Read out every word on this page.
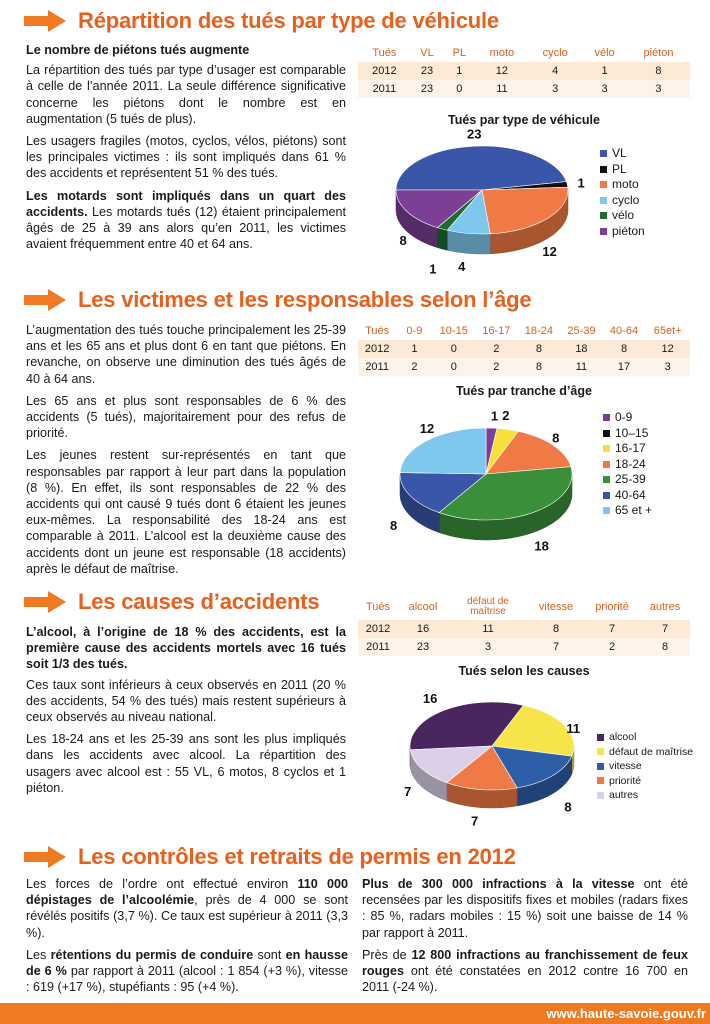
Répartition des tués par type de véhicule

Le nombre de piétons tués augmente

La répartition des tués par type d’usager est comparable à celle de l’année 2011. La seule différence significative concerne les piétons dont le nombre est en augmentation (5 tués de plus).

Les usagers fragiles (motos, cyclos, vélos, piétons) sont les principales victimes : ils sont impliqués dans 61 % des accidents et représentent 51 % des tués.

Les motards sont impliqués dans un quart des accidents. Les motards tués (12) étaient principalement âgés de 25 à 39 ans alors qu’en 2011, les victimes avaient fréquemment entre 40 et 64 ans.

Tués	VL	PL	moto	cyclo	vélo	piéton
2012	23	1	12	4	1	8
2011	23	0	11	3	3	3
Tués par type de véhicule
23
1
12
4
1
8
VL
PL
moto
cyclo
vélo
piéton
Les victimes et les responsables selon l’âge

L’augmentation des tués touche principalement les 25-39 ans et les 65 ans et plus dont 6 en tant que piétons. En revanche, on observe une diminution des tués âgés de 40 à 64 ans.

Les 65 ans et plus sont responsables de 6 % des accidents (5 tués), majoritairement pour des refus de priorité.

Les jeunes restent sur-représentés en tant que responsables par rapport à leur part dans la population (8 %). En effet, ils sont responsables de 22 % des accidents qui ont causé 9 tués dont 6 étaient les jeunes eux-mêmes. La responsabilité des 18-24 ans est comparable à 2011. L’alcool est la deuxième cause des accidents dont un jeune est responsable (18 accidents) après le défaut de maîtrise.

Tués	0-9	10-15	16-17	18-24	25-39	40-64	65et+
2012	1	0	2	8	18	8	12
2011	2	0	2	8	11	17	3
Tués par tranche d’âge
1 2
8
18
8
12
0-9
10–15
16-17
18-24
25-39
40-64
65 et +
Les causes d’accidents

L’alcool, à l’origine de 18 % des accidents, est la première cause des accidents mortels avec 16 tués soit 1/3 des tués.

Ces taux sont inférieurs à ceux observés en 2011 (20 % des accidents, 54 % des tués) mais restent supérieurs à ceux observés au niveau national.

Les 18-24 ans et les 25-39 ans sont les plus impliqués dans les accidents avec alcool. La répartition des usagers avec alcool est : 55 VL, 6 motos, 8 cyclos et 1 piéton.

Tués	alcool	défaut de maîtrise	vitesse	priorité	autres
2012	16	11	8	7	7
2011	23	3	7	2	8
Tués selon les causes
16
11
8
7
7
alcool
défaut de maîtrise
vitesse
priorité
autres
Les contrôles et retraits de permis en 2012

Les forces de l’ordre ont effectué environ 110 000 dépistages de l’alcoolémie, près de 4 000 se sont révélés positifs (3,7 %). Ce taux est supérieur à 2011 (3,3 %).

Les rétentions du permis de conduire sont en hausse de 6 % par rapport à 2011 (alcool : 1 854 (+3 %), vitesse : 619 (+17 %), stupéfiants : 95 (+4 %).

Plus de 300 000 infractions à la vitesse ont été recensées par les dispositifs fixes et mobiles (radars fixes : 85 %, radars mobiles : 15 %) soit une baisse de 14 % par rapport à 2011.

Près de 12 800 infractions au franchissement de feux rouges ont été constatées en 2012 contre 16 700 en 2011 (-24 %).

www.haute-savoie.gouv.fr
